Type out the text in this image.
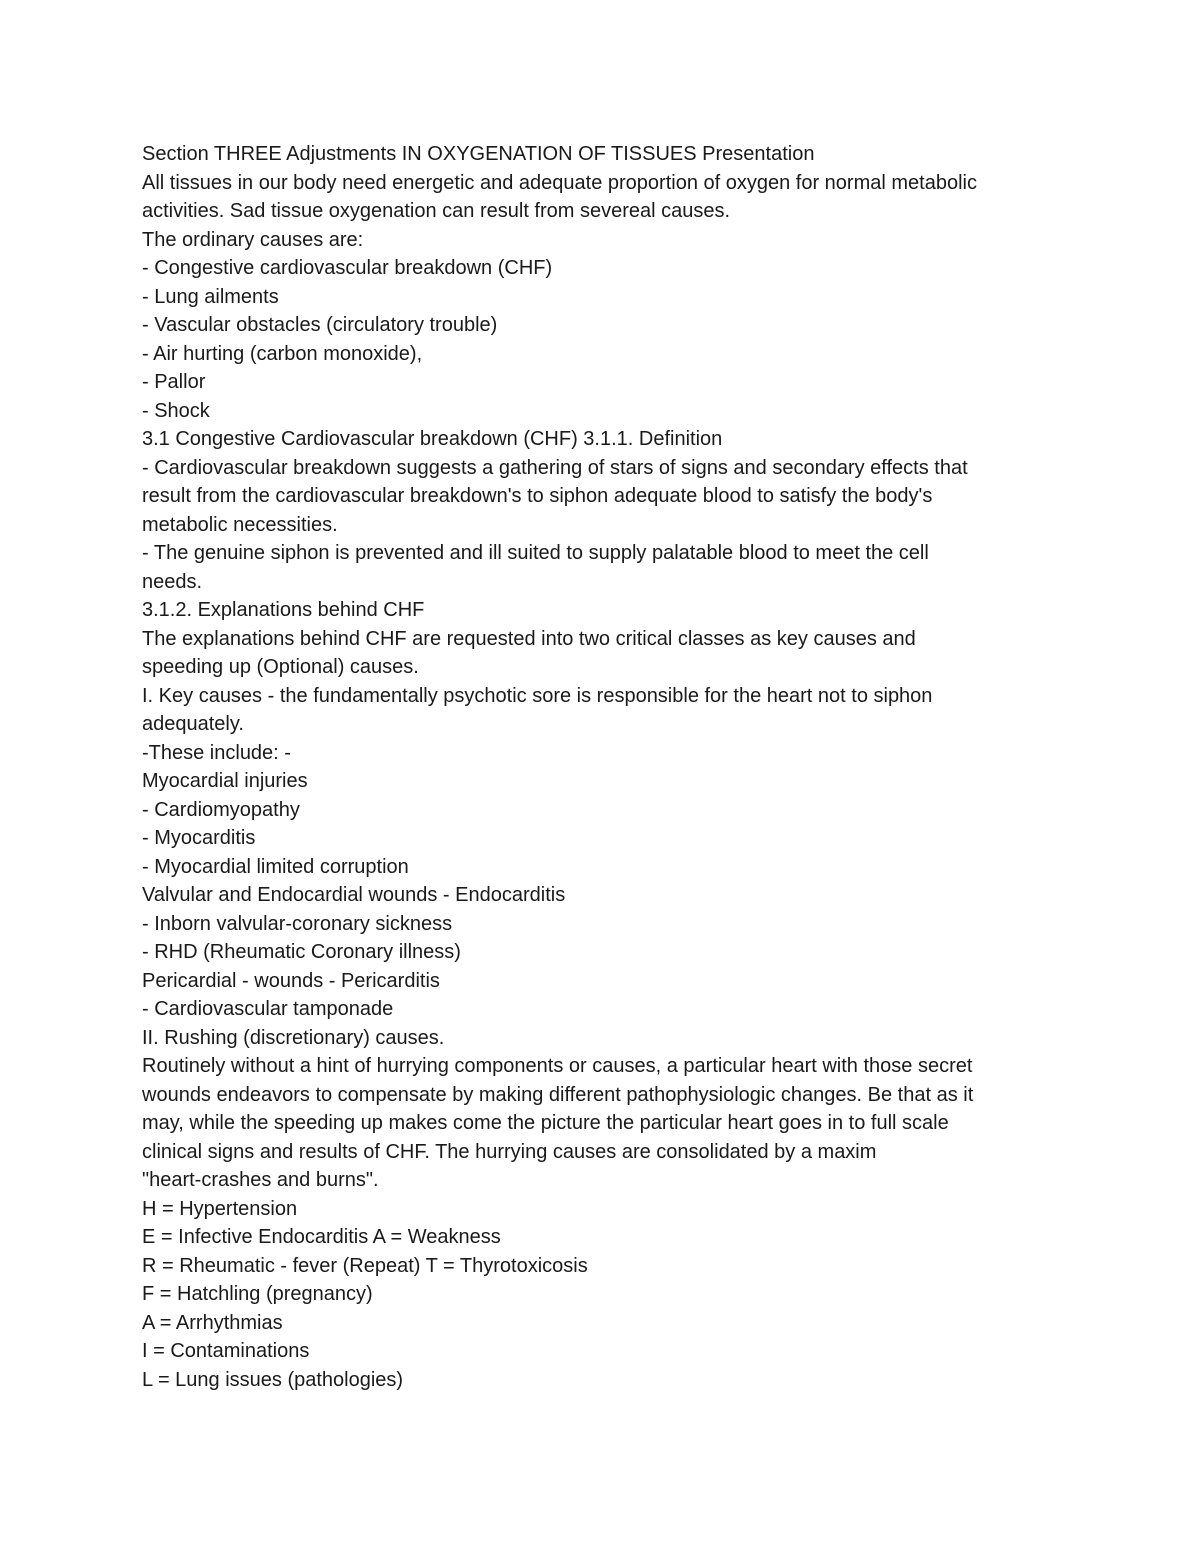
Section THREE Adjustments IN OXYGENATION OF TISSUES Presentation

All tissues in our body need energetic and adequate proportion of oxygen for normal metabolic

activities. Sad tissue oxygenation can result from severeal causes.

The ordinary causes are:

- Congestive cardiovascular breakdown (CHF)

- Lung ailments

- Vascular obstacles (circulatory trouble)

- Air hurting (carbon monoxide),

- Pallor

- Shock

3.1 Congestive Cardiovascular breakdown (CHF) 3.1.1. Definition

- Cardiovascular breakdown suggests a gathering of stars of signs and secondary effects that

result from the cardiovascular breakdown's to siphon adequate blood to satisfy the body's

metabolic necessities.

- The genuine siphon is prevented and ill suited to supply palatable blood to meet the cell

needs.

3.1.2. Explanations behind CHF

The explanations behind CHF are requested into two critical classes as key causes and

speeding up (Optional) causes.

I. Key causes - the fundamentally psychotic sore is responsible for the heart not to siphon

adequately.

-These include: -

Myocardial injuries

- Cardiomyopathy

- Myocarditis

- Myocardial limited corruption

Valvular and Endocardial wounds - Endocarditis

- Inborn valvular-coronary sickness

- RHD (Rheumatic Coronary illness)

Pericardial - wounds - Pericarditis

- Cardiovascular tamponade

II. Rushing (discretionary) causes.

Routinely without a hint of hurrying components or causes, a particular heart with those secret

wounds endeavors to compensate by making different pathophysiologic changes. Be that as it

may, while the speeding up makes come the picture the particular heart goes in to full scale

clinical signs and results of CHF. The hurrying causes are consolidated by a maxim

"heart-crashes and burns".

H = Hypertension

E = Infective Endocarditis A = Weakness

R = Rheumatic - fever (Repeat) T = Thyrotoxicosis

F = Hatchling (pregnancy)

A = Arrhythmias

I = Contaminations

L = Lung issues (pathologies)
